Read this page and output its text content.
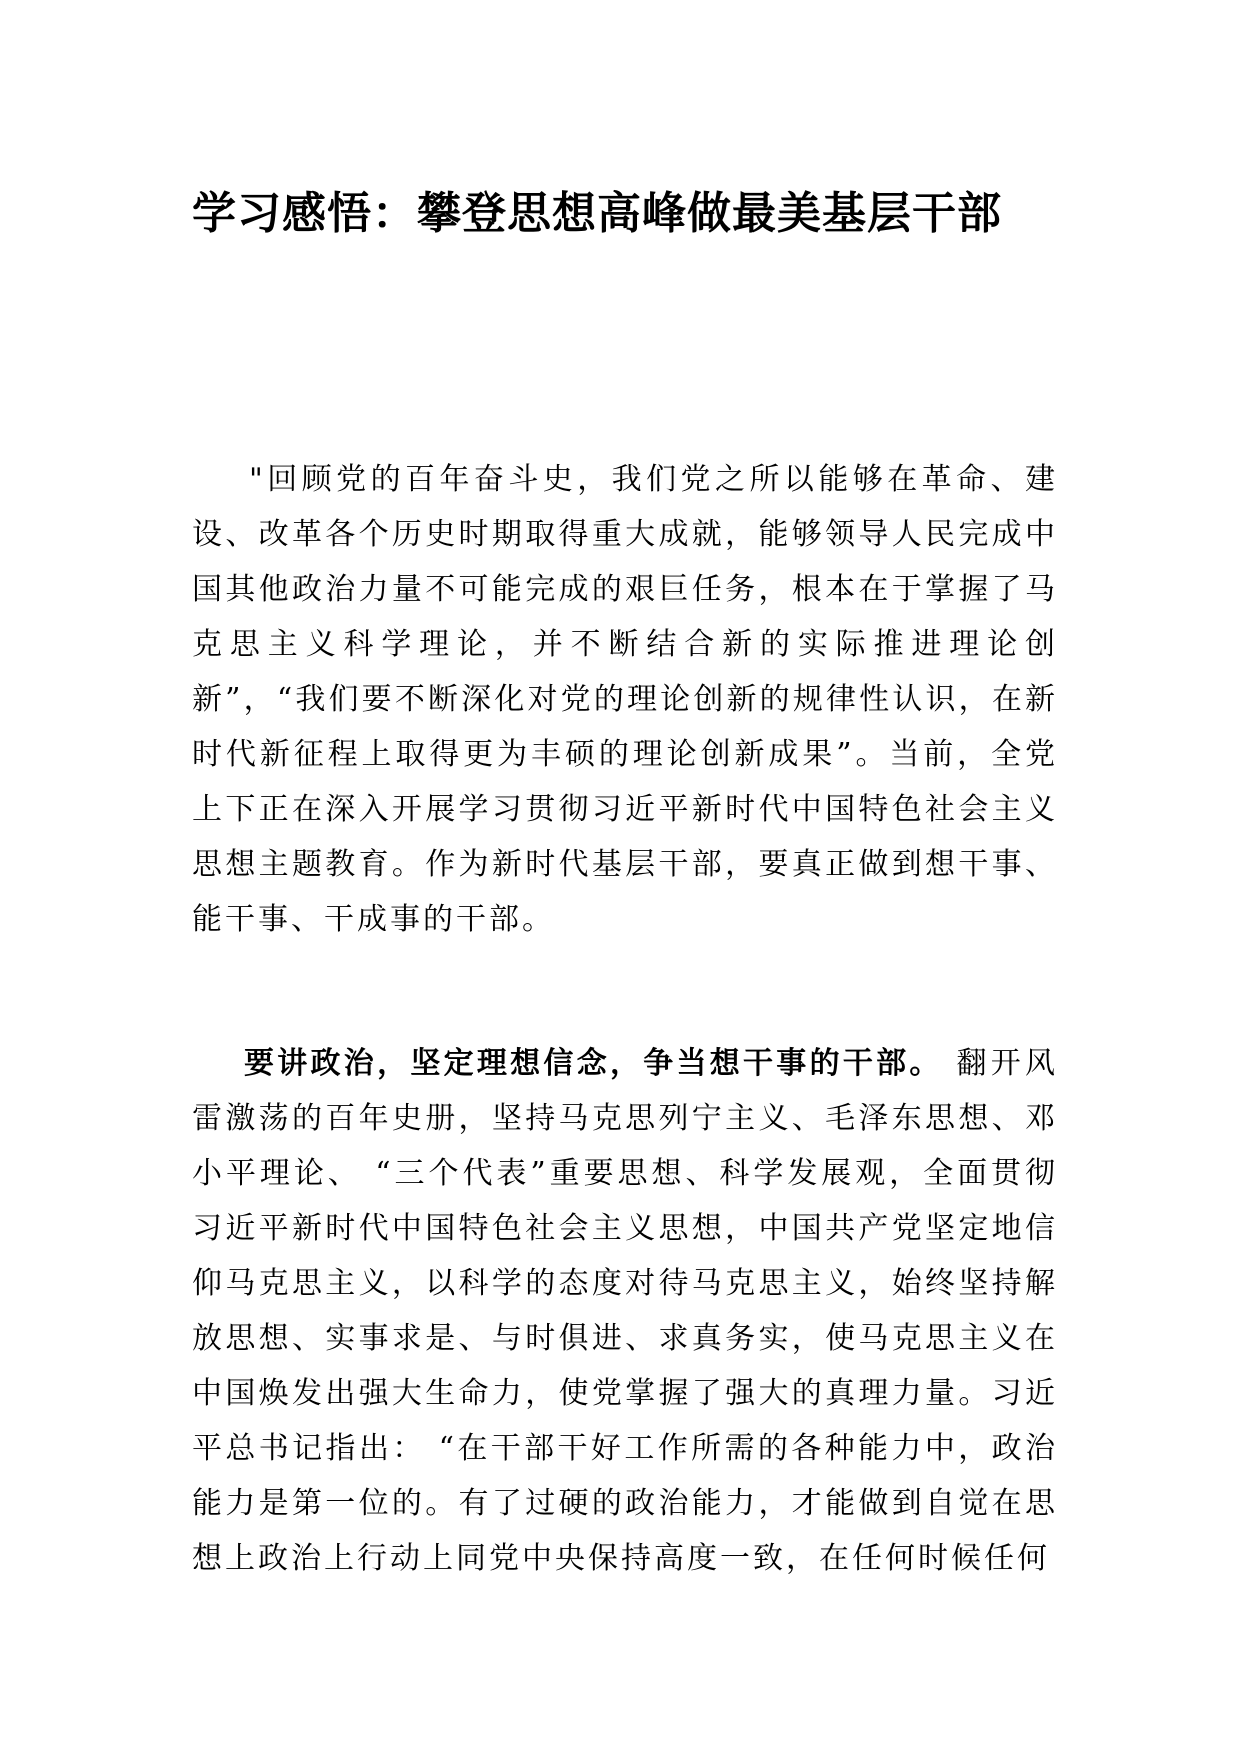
学习感悟：攀登思想高峰做最美基层干部

"回顾党的百年奋斗史，我们党之所以能够在革命、建设、改革各个历史时期取得重大成就，能够领导人民完成中国其他政治力量不可能完成的艰巨任务，根本在于掌握了马克思主义科学理论，并不断结合新的实际推进理论创新”，“我们要不断深化对党的理论创新的规律性认识，在新时代新征程上取得更为丰硕的理论创新成果”。当前，全党上下正在深入开展学习贯彻习近平新时代中国特色社会主义思想主题教育。作为新时代基层干部，要真正做到想干事、能干事、干成事的干部。

要讲政治，坚定理想信念，争当想干事的干部。 翻开风雷激荡的百年史册，坚持马克思列宁主义、毛泽东思想、邓小平理论、 “三个代表”重要思想、科学发展观，全面贯彻习近平新时代中国特色社会主义思想，中国共产党坚定地信仰马克思主义，以科学的态度对待马克思主义，始终坚持解放思想、实事求是、与时俱进、求真务实，使马克思主义在中国焕发出强大生命力，使党掌握了强大的真理力量。习近平总书记指出： “在干部干好工作所需的各种能力中，政治能力是第一位的。有了过硬的政治能力，才能做到自觉在思想上政治上行动上同党中央保持高度一致，在任何时候任何
